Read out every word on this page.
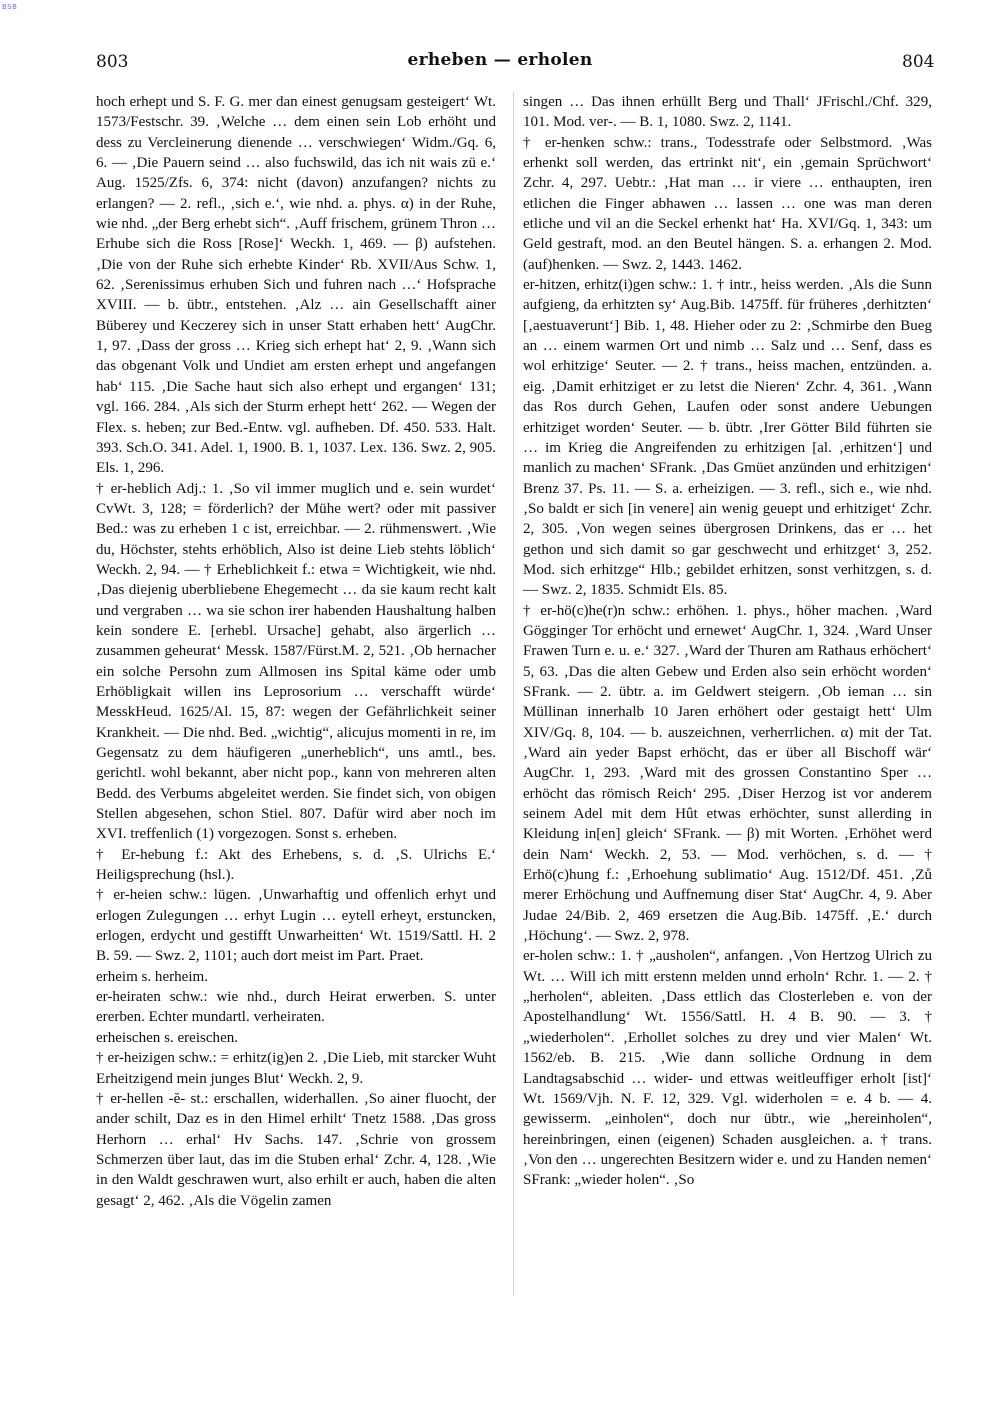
BSB
803	erheben — erholen	804

hoch erhept und S. F. G. mer dan einest genugsam gesteigert‘ Wt. 1573/Festschr. 39. ‚Welche … dem einen sein Lob erhöht und dess zu Vercleinerung dienende … verschwiegen‘ Widm./Gq. 6, 6. — ‚Die Pauern seind … also fuchswild, das ich nit wais zü e.‘ Aug. 1525/Zfs. 6, 374: nicht (davon) anzufangen? nichts zu erlangen? — 2. refl., ‚sich e.‘, wie nhd. a. phys. α) in der Ruhe, wie nhd. „der Berg erhebt sich“. ‚Auff frischem, grünem Thron … Erhube sich die Ross [Rose]‘ Weckh. 1, 469. — β) aufstehen. ‚Die von der Ruhe sich erhebte Kinder‘ Rb. XVII/Aus Schw. 1, 62. ‚Serenissimus erhuben Sich und fuhren nach …‘ Hofsprache XVIII. — b. übtr., entstehen. ‚Alz … ain Gesellschafft ainer Büberey und Keczerey sich in unser Statt erhaben hett‘ AugChr. 1, 97. ‚Dass der gross … Krieg sich erhept hat‘ 2, 9. ‚Wann sich das obgenant Volk und Undiet am ersten erhept und angefangen hab‘ 115. ‚Die Sache haut sich also erhept und ergangen‘ 131; vgl. 166. 284. ‚Als sich der Sturm erhept hett‘ 262. — Wegen der Flex. s. heben; zur Bed.-Entw. vgl. aufheben. Df. 450. 533. Halt. 393. Sch.O. 341. Adel. 1, 1900. B. 1, 1037. Lex. 136. Swz. 2, 905. Els. 1, 296.

† er-heblich Adj.: 1. ‚So vil immer muglich und e. sein wurdet‘ CvWt. 3, 128; = förderlich? der Mühe wert? oder mit passiver Bed.: was zu erheben 1 c ist, erreichbar. — 2. rühmenswert. ‚Wie du, Höchster, stehts erhöblich, Also ist deine Lieb stehts löblich‘ Weckh. 2, 94. — † Erheblichkeit f.: etwa = Wichtigkeit, wie nhd. ‚Das diejenig uberbliebene Ehegemecht … da sie kaum recht kalt und vergraben … wa sie schon irer habenden Haushaltung halben kein sondere E. [erhebl. Ursache] gehabt, also ärgerlich … zusammen geheurat‘ Messk. 1587/Fürst.M. 2, 521. ‚Ob hernacher ein solche Persohn zum Allmosen ins Spital käme oder umb Erhöbligkait willen ins Leprosorium … verschafft würde‘ MesskHeud. 1625/Al. 15, 87: wegen der Gefährlichkeit seiner Krankheit. — Die nhd. Bed. „wichtig“, alicujus momenti in re, im Gegensatz zu dem häufigeren „unerheblich“, uns amtl., bes. gerichtl. wohl bekannt, aber nicht pop., kann von mehreren alten Bedd. des Verbums abgeleitet werden. Sie findet sich, von obigen Stellen abgesehen, schon Stiel. 807. Dafür wird aber noch im XVI. treffenlich (1) vorgezogen. Sonst s. erheben.

† Er-hebung f.: Akt des Erhebens, s. d. ‚S. Ulrichs E.‘ Heiligsprechung (hsl.).

† er-heien schw.: lügen. ‚Unwarhaftig und offenlich erhyt und erlogen Zulegungen … erhyt Lugin … eytell erheyt, erstuncken, erlogen, erdycht und gestifft Unwarheitten‘ Wt. 1519/Sattl. H. 2 B. 59. — Swz. 2, 1101; auch dort meist im Part. Praet.

erheim s. herheim.

er-heiraten schw.: wie nhd., durch Heirat erwerben. S. unter ererben. Echter mundartl. verheiraten.

erheischen s. ereischen.

† er-heizigen schw.: = erhitz(ig)en 2. ‚Die Lieb, mit starcker Wuht Erheitzigend mein junges Blut‘ Weckh. 2, 9.

† er-hellen -ĕ- st.: erschallen, widerhallen. ‚So ainer fluocht, der ander schilt, Daz es in den Himel erhilt‘ Tnetz 1588. ‚Das gross Herhorn … erhal‘ Hv Sachs. 147. ‚Schrie von grossem Schmerzen über laut, das im die Stuben erhal‘ Zchr. 4, 128. ‚Wie in den Waldt geschrawen wurt, also erhilt er auch, haben die alten gesagt‘ 2, 462. ‚Als die Vögelin zamen

singen … Das ihnen erhüllt Berg und Thall‘ JFrischl./Chf. 329, 101. Mod. ver-. — B. 1, 1080. Swz. 2, 1141.

† er-henken schw.: trans., Todesstrafe oder Selbstmord. ‚Was erhenkt soll werden, das ertrinkt nit‘, ein ‚gemain Sprüchwort‘ Zchr. 4, 297. Uebtr.: ‚Hat man … ir viere … enthaupten, iren etlichen die Finger abhawen … lassen … one was man deren etliche und vil an die Seckel erhenkt hat‘ Ha. XVI/Gq. 1, 343: um Geld gestraft, mod. an den Beutel hängen. S. a. erhangen 2. Mod. (auf)henken. — Swz. 2, 1443. 1462.

er-hitzen, erhitz(i)gen schw.: 1. † intr., heiss werden. ‚Als die Sunn aufgieng, da erhitzten sy‘ Aug.Bib. 1475ff. für früheres ‚derhitzten‘ [‚aestuaverunt‘] Bib. 1, 48. Hieher oder zu 2: ‚Schmirbe den Bueg an … einem warmen Ort und nimb … Salz und … Senf, dass es wol erhitzige‘ Seuter. — 2. † trans., heiss machen, entzünden. a. eig. ‚Damit erhitziget er zu letst die Nieren‘ Zchr. 4, 361. ‚Wann das Ros durch Gehen, Laufen oder sonst andere Uebungen erhitziget worden‘ Seuter. — b. übtr. ‚Irer Götter Bild führten sie … im Krieg die Angreifenden zu erhitzigen [al. ‚erhitzen‘] und manlich zu machen‘ SFrank. ‚Das Gmüet anzünden und erhitzigen‘ Brenz 37. Ps. 11. — S. a. erheizigen. — 3. refl., sich e., wie nhd. ‚So baldt er sich [in venere] ain wenig geuept und erhitziget‘ Zchr. 2, 305. ‚Von wegen seines übergrosen Drinkens, das er … het gethon und sich damit so gar geschwecht und erhitzget‘ 3, 252. Mod. sich erhitzge“ Hlb.; gebildet erhitzen, sonst verhitzgen, s. d. — Swz. 2, 1835. Schmidt Els. 85.

† er-hö(c)he(r)n schw.: erhöhen. 1. phys., höher machen. ‚Ward Gögginger Tor erhöcht und ernewet‘ AugChr. 1, 324. ‚Ward Unser Frawen Turn e. u. e.‘ 327. ‚Ward der Thuren am Rathaus erhöchert‘ 5, 63. ‚Das die alten Gebew und Erden also sein erhöcht worden‘ SFrank. — 2. übtr. a. im Geldwert steigern. ‚Ob ieman … sin Müllinan innerhalb 10 Jaren erhöhert oder gestaigt hett‘ Ulm XIV/Gq. 8, 104. — b. auszeichnen, verherrlichen. α) mit der Tat. ‚Ward ain yeder Bapst erhöcht, das er über all Bischoff wär‘ AugChr. 1, 293. ‚Ward mit des grossen Constantino Sper … erhöcht das römisch Reich‘ 295. ‚Diser Herzog ist vor anderem seinem Adel mit dem Hût etwas erhöchter, sunst allerding in Kleidung in[en] gleich‘ SFrank. — β) mit Worten. ‚Erhöhet werd dein Nam‘ Weckh. 2, 53. — Mod. verhöchen, s. d. — † Erhö(c)hung f.: ‚Erhoehung sublimatio‘ Aug. 1512/Df. 451. ‚Zů merer Erhöchung und Auffnemung diser Stat‘ AugChr. 4, 9. Aber Judae 24/Bib. 2, 469 ersetzen die Aug.Bib. 1475ff. ‚E.‘ durch ‚Höchung‘. — Swz. 2, 978.

er-holen schw.: 1. † „ausholen“, anfangen. ‚Von Hertzog Ulrich zu Wt. … Will ich mitt erstenn melden unnd erholn‘ Rchr. 1. — 2. † „herholen“, ableiten. ‚Dass ettlich das Closterleben e. von der Apostelhandlung‘ Wt. 1556/Sattl. H. 4 B. 90. — 3. † „wiederholen“. ‚Erhollet solches zu drey und vier Malen‘ Wt. 1562/eb. B. 215. ‚Wie dann solliche Ordnung in dem Landtagsabschid … wider- und ettwas weitleuffiger erholt [ist]‘ Wt. 1569/Vjh. N. F. 12, 329. Vgl. widerholen = e. 4 b. — 4. gewisserm. „einholen“, doch nur übtr., wie „hereinholen“, hereinbringen, einen (eigenen) Schaden ausgleichen. a. † trans. ‚Von den … ungerechten Besitzern wider e. und zu Handen nemen‘ SFrank: „wieder holen“. ‚So
